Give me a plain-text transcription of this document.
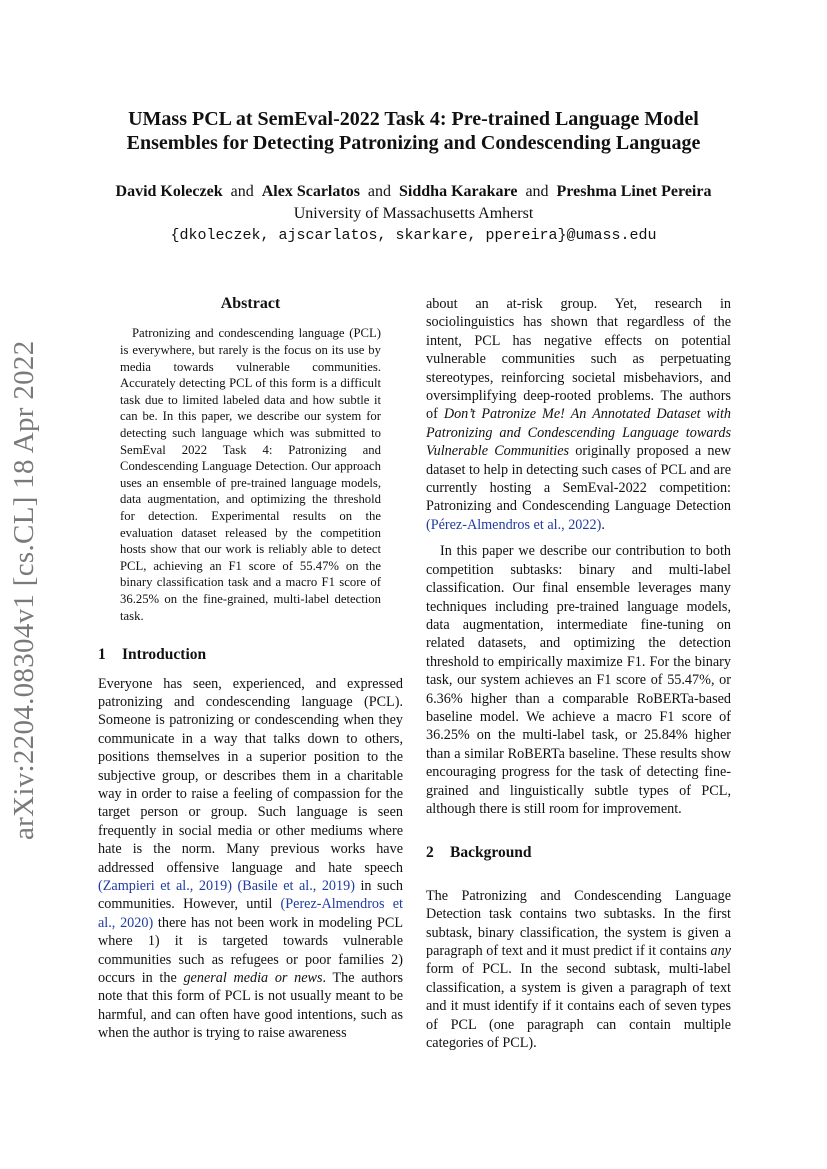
arXiv:2204.08304v1 [cs.CL] 18 Apr 2022
UMass PCL at SemEval-2022 Task 4: Pre-trained Language Model
Ensembles for Detecting Patronizing and Condescending Language
David Koleczek and Alex Scarlatos and Siddha Karakare and Preshma Linet Pereira
University of Massachusetts Amherst
{dkoleczek, ajscarlatos, skarkare, ppereira}@umass.edu
Abstract

Patronizing and condescending language (PCL) is everywhere, but rarely is the focus on its use by media towards vulnerable communities. Accurately detecting PCL of this form is a difficult task due to limited labeled data and how subtle it can be. In this paper, we describe our system for detecting such language which was submitted to SemEval 2022 Task 4: Patronizing and Condescending Language Detection. Our approach uses an ensemble of pre-trained language models, data augmentation, and optimizing the threshold for detection. Experimental results on the evaluation dataset released by the competition hosts show that our work is reliably able to detect PCL, achieving an F1 score of 55.47% on the binary classification task and a macro F1 score of 36.25% on the fine-grained, multi-label detection task.

1 Introduction

Everyone has seen, experienced, and expressed patronizing and condescending language (PCL). Someone is patronizing or condescending when they communicate in a way that talks down to others, positions themselves in a superior position to the subjective group, or describes them in a charitable way in order to raise a feeling of compassion for the target person or group. Such language is seen frequently in social media or other mediums where hate is the norm. Many previous works have addressed offensive language and hate speech (Zampieri et al., 2019) (Basile et al., 2019) in such communities. However, until (Perez-Almendros et al., 2020) there has not been work in modeling PCL where 1) it is targeted towards vulnerable communities such as refugees or poor families 2) occurs in the general media or news. The authors note that this form of PCL is not usually meant to be harmful, and can often have good intentions, such as when the author is trying to raise awareness

about an at-risk group. Yet, research in sociolinguistics has shown that regardless of the intent, PCL has negative effects on potential vulnerable communities such as perpetuating stereotypes, reinforcing societal misbehaviors, and oversimplifying deep-rooted problems. The authors of Don’t Patronize Me! An Annotated Dataset with Patronizing and Condescending Language towards Vulnerable Communities originally proposed a new dataset to help in detecting such cases of PCL and are currently hosting a SemEval-2022 competition: Patronizing and Condescending Language Detection (Pérez-Almendros et al., 2022).

In this paper we describe our contribution to both competition subtasks: binary and multi-label classification. Our final ensemble leverages many techniques including pre-trained language models, data augmentation, intermediate fine-tuning on related datasets, and optimizing the detection threshold to empirically maximize F1. For the binary task, our system achieves an F1 score of 55.47%, or 6.36% higher than a comparable RoBERTa-based baseline model. We achieve a macro F1 score of 36.25% on the multi-label task, or 25.84% higher than a similar RoBERTa baseline. These results show encouraging progress for the task of detecting fine-grained and linguistically subtle types of PCL, although there is still room for improvement.

2 Background

The Patronizing and Condescending Language Detection task contains two subtasks. In the first subtask, binary classification, the system is given a paragraph of text and it must predict if it contains any form of PCL. In the second subtask, multi-label classification, a system is given a paragraph of text and it must identify if it contains each of seven types of PCL (one paragraph can contain multiple categories of PCL).
